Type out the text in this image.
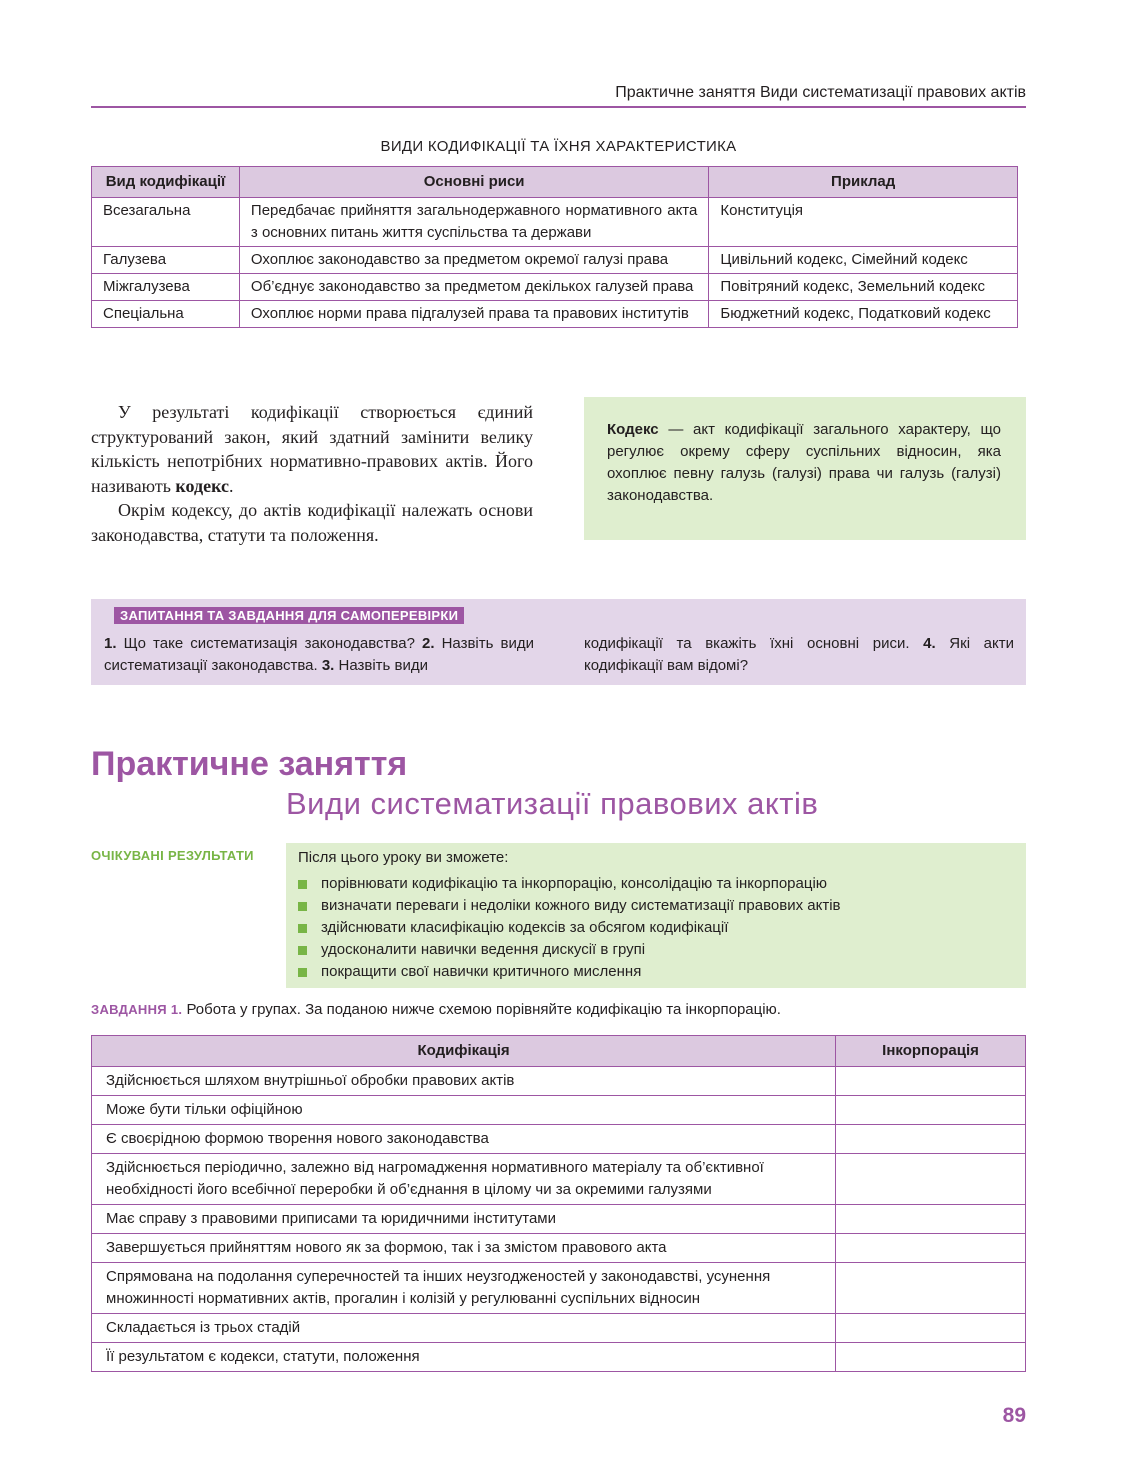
Практичне заняття Види систематизації правових актів
ВИДИ КОДИФІКАЦІЇ ТА ЇХНЯ ХАРАКТЕРИСТИКА
Вид кодифікації	Основні риси	Приклад
Всезагальна	Передбачає прийняття загальнодержавного нормативного акта з основних питань життя суспільства та держави	Конституція
Галузева	Охоплює законодавство за предметом окремої галузі права	Цивільний кодекс, Сімейний кодекс
Міжгалузева	Об’єднує законодавство за предметом декількох галузей права	Повітряний кодекс, Земельний кодекс
Спеціальна	Охоплює норми права підгалузей права та правових інститутів	Бюджетний кодекс, Податковий кодекс

У результаті кодифікації створюється єдиний структурований закон, який здатний замінити велику кількість непотрібних нормативно-правових актів. Його називають кодекс.

Окрім кодексу, до актів кодифікації належать основи законодавства, статути та положення.

Кодекс — акт кодифікації загального характеру, що регулює окрему сферу суспільних відносин, яка охоплює певну галузь (галузі) права чи галузь (галузі) законодавства.
ЗАПИТАННЯ ТА ЗАВДАННЯ ДЛЯ САМОПЕРЕВІРКИ
1. Що таке систематизація законодавства? 2. Назвіть види систематизації законодавства. 3. Назвіть види
кодифікації та вкажіть їхні основні риси. 4. Які акти кодифікації вам відомі?
Практичне заняття
Види систематизації правових актів
ОЧІКУВАНІ РЕЗУЛЬТАТИ	Після цього уроку ви зможете:
порівнювати кодифікацію та інкорпорацію, консолідацію та інкорпорацію
визначати переваги і недоліки кожного виду систематизації правових актів
здійснювати класифікацію кодексів за обсягом кодифікації
удосконалити навички ведення дискусії в групі
покращити свої навички критичного мислення
ЗАВДАННЯ 1. Робота у групах. За поданою нижче схемою порівняйте кодифікацію та інкорпорацію.
Кодифікація	Інкорпорація
Здійснюється шляхом внутрішньої обробки правових актів	
Може бути тільки офіційною	
Є своєрідною формою творення нового законодавства	
Здійснюється періодично, залежно від нагромадження нормативного матеріалу та об’єктивної необхідності його всебічної переробки й об’єднання в цілому чи за окремими галузями	
Має справу з правовими приписами та юридичними інститутами	
Завершується прийняттям нового як за формою, так і за змістом правового акта	
Спрямована на подолання суперечностей та інших неузгодженостей у законодавстві, усунення множинності нормативних актів, прогалин і колізій у регулюванні суспільних відносин	
Складається із трьох стадій	
Її результатом є кодекси, статути, положення	
89
